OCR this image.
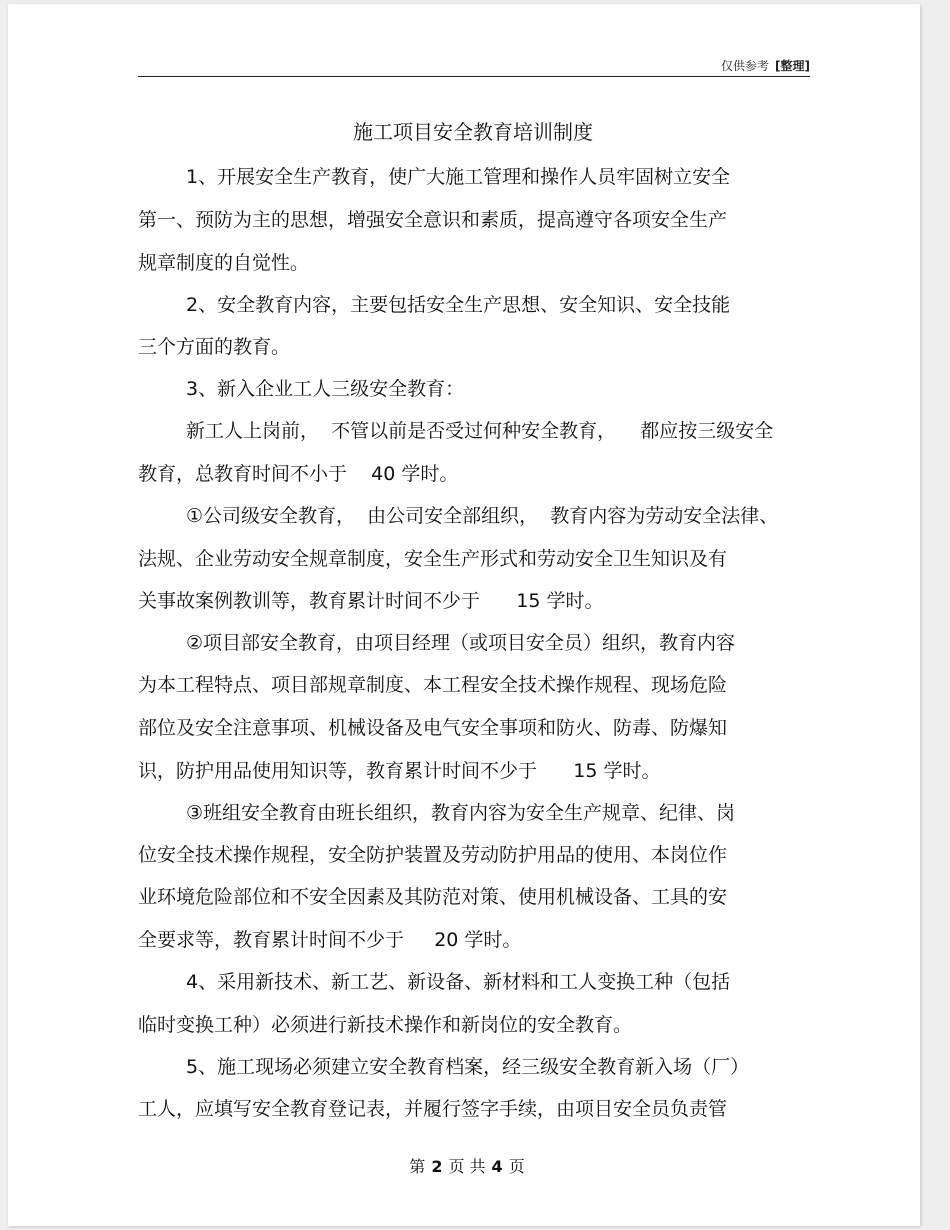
仅供参考 [整理]
施工项目安全教育培训制度
1、开展安全生产教育，使广大施工管理和操作人员牢固树立安全
第一、预防为主的思想，增强安全意识和素质，提高遵守各项安全生产
规章制度的自觉性。
2、安全教育内容，主要包括安全生产思想、安全知识、安全技能
三个方面的教育。
3、新入企业工人三级安全教育：
新工人上岗前，  不管以前是否受过何种安全教育，    都应按三级安全
教育，总教育时间不小于    40 学时。
①公司级安全教育，  由公司安全部组织，  教育内容为劳动安全法律、
法规、企业劳动安全规章制度，安全生产形式和劳动安全卫生知识及有
关事故案例教训等，教育累计时间不少于      15 学时。
②项目部安全教育，由项目经理（或项目安全员）组织，教育内容
为本工程特点、项目部规章制度、本工程安全技术操作规程、现场危险
部位及安全注意事项、机械设备及电气安全事项和防火、防毒、防爆知
识，防护用品使用知识等，教育累计时间不少于      15 学时。
③班组安全教育由班长组织，教育内容为安全生产规章、纪律、岗
位安全技术操作规程，安全防护装置及劳动防护用品的使用、本岗位作
业环境危险部位和不安全因素及其防范对策、使用机械设备、工具的安
全要求等，教育累计时间不少于     20 学时。
4、采用新技术、新工艺、新设备、新材料和工人变换工种（包括
临时变换工种）必须进行新技术操作和新岗位的安全教育。
5、施工现场必须建立安全教育档案，经三级安全教育新入场（厂）
工人，应填写安全教育登记表，并履行签字手续，由项目安全员负责管
第 2 页 共 4 页
